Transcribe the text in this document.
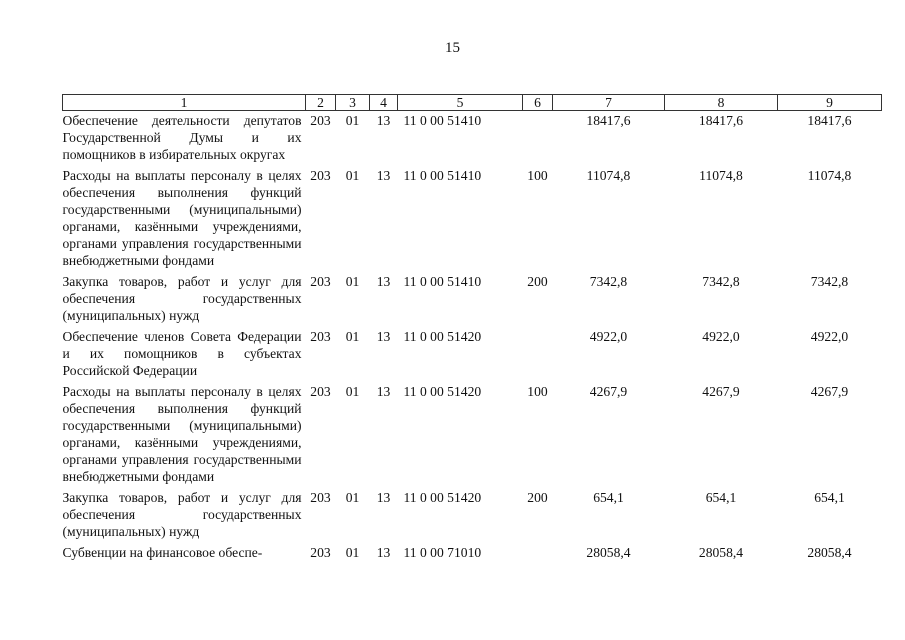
15
1	2	3	4	5	6	7	8	9
Обеспечение деятельности депутатов Государственной Думы и их помощников в избирательных округах	203	01	13	11 0 00 51410		18417,6	18417,6	18417,6
Расходы на выплаты персоналу в целях обеспечения выполнения функций государственными (муниципальными) органами, казёнными учреждениями, органами управления государственными внебюджетными фондами	203	01	13	11 0 00 51410	100	11074,8	11074,8	11074,8
Закупка товаров, работ и услуг для обеспечения государственных (муниципальных) нужд	203	01	13	11 0 00 51410	200	7342,8	7342,8	7342,8
Обеспечение членов Совета Федерации и их помощников в субъектах Российской Федерации	203	01	13	11 0 00 51420		4922,0	4922,0	4922,0
Расходы на выплаты персоналу в целях обеспечения выполнения функций государственными (муниципальными) органами, казёнными учреждениями, органами управления государственными внебюджетными фондами	203	01	13	11 0 00 51420	100	4267,9	4267,9	4267,9
Закупка товаров, работ и услуг для обеспечения государственных (муниципальных) нужд	203	01	13	11 0 00 51420	200	654,1	654,1	654,1
Субвенции на финансовое обеспе-	203	01	13	11 0 00 71010		28058,4	28058,4	28058,4
